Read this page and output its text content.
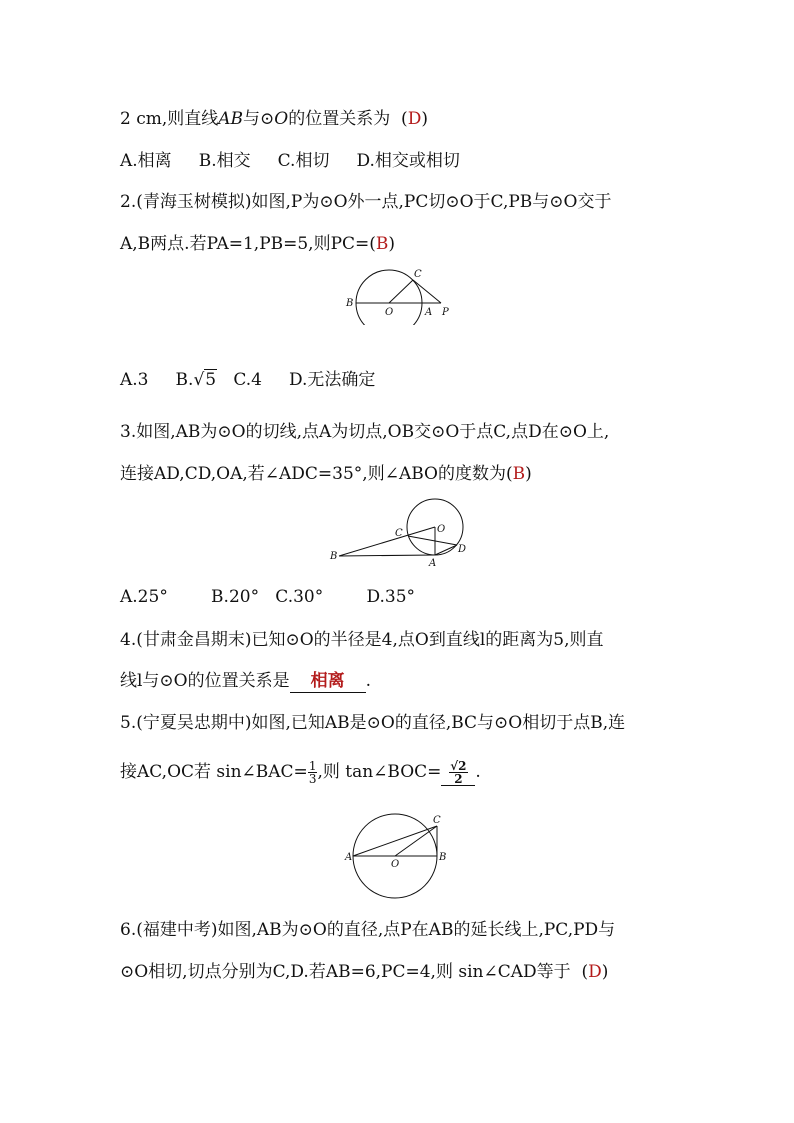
2 cm,则直线AB与⊙O的位置关系为  (D)
A.相离 B.相交 C.相切 D.相交或相切
2.(青海玉树模拟)如图,P为⊙O外一点,PC切⊙O于C,PB与⊙O交于
A,B两点.若PA=1,PB=5,则PC=(B)
B
O	A P
C
A.3 B.√5 C.4 D.无法确定
3.如图,AB为⊙O的切线,点A为切点,OB交⊙O于点C,点D在⊙O上,
连接AD,CD,OA,若∠ADC=35°,则∠ABO的度数为(B)
B
C	O
A
D
A.25°	B.20° C.30°	D.35°
4.(甘肃金昌期末)已知⊙O的半径是4,点O到直线l的距离为5,则直
线l与⊙O的位置关系是 相离 .
5.(宁夏吴忠期中)如图,已知AB是⊙O的直径,BC与⊙O相切于点B,连
接AC,OC若 sin∠BAC= $\frac{1}{3}$ ,则 tan∠BOC= $\frac{√2}{2}$ .
A
O
B
C
6.(福建中考)如图,AB为⊙O的直径,点P在AB的延长线上,PC,PD与
⊙O相切,切点分别为C,D.若AB=6,PC=4,则 sin∠CAD等于  (D)
